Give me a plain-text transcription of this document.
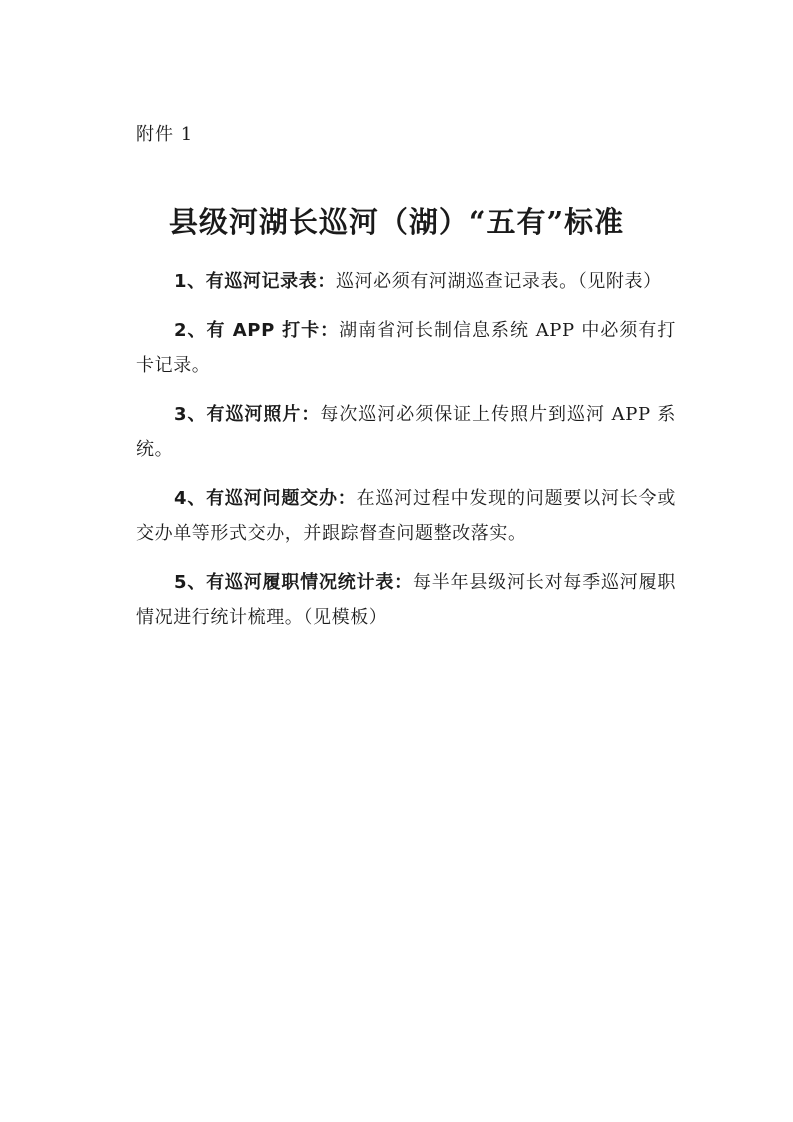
附件 1
县级河湖长巡河（湖）“五有”标准

1、有巡河记录表：巡河必须有河湖巡查记录表。（见附表）

2、有 APP 打卡：湖南省河长制信息系统 APP 中必须有打卡记录。

3、有巡河照片：每次巡河必须保证上传照片到巡河 APP 系统。

4、有巡河问题交办：在巡河过程中发现的问题要以河长令或交办单等形式交办，并跟踪督查问题整改落实。

5、有巡河履职情况统计表：每半年县级河长对每季巡河履职情况进行统计梳理。（见模板）
